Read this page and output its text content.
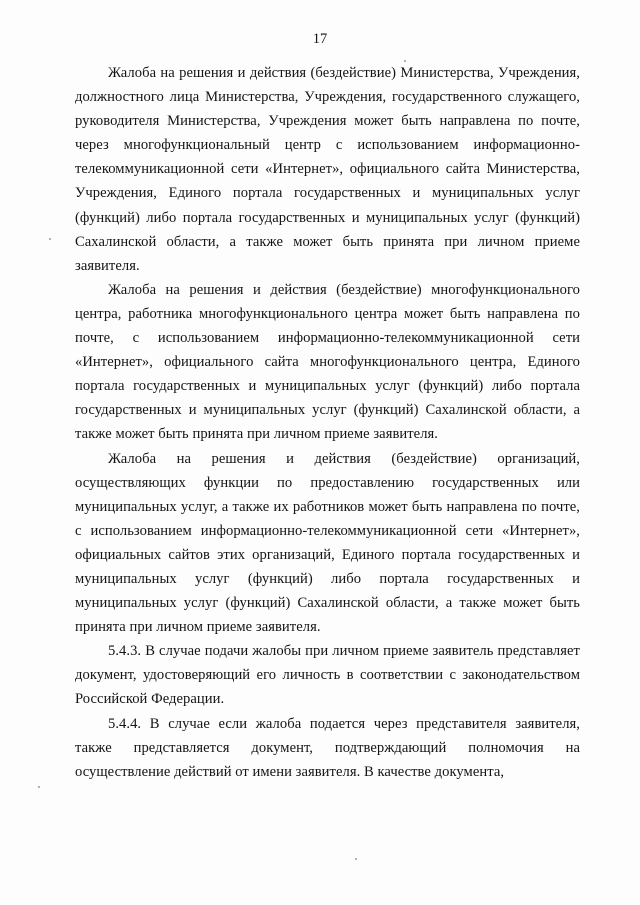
17

Жалоба на решения и действия (бездействие) Министерства, Учреждения, должностного лица Министерства, Учреждения, государственного служащего, руководителя Министерства, Учреждения может быть направлена по почте, через многофункциональный центр с использованием информационно-телекоммуникационной сети «Интернет», официального сайта Министерства, Учреждения, Единого портала государственных и муниципальных услуг (функций) либо портала государственных и муниципальных услуг (функций) Сахалинской области, а также может быть принята при личном приеме заявителя.

Жалоба на решения и действия (бездействие) многофункционального центра, работника многофункционального центра может быть направлена по почте, с использованием информационно-телекоммуникационной сети «Интернет», официального сайта многофункционального центра, Единого портала государственных и муниципальных услуг (функций) либо портала государственных и муниципальных услуг (функций) Сахалинской области, а также может быть принята при личном приеме заявителя.

Жалоба на решения и действия (бездействие) организаций, осуществляющих функции по предоставлению государственных или муниципальных услуг, а также их работников может быть направлена по почте, с использованием информационно-телекоммуникационной сети «Интернет», официальных сайтов этих организаций, Единого портала государственных и муниципальных услуг (функций) либо портала государственных и муниципальных услуг (функций) Сахалинской области, а также может быть принята при личном приеме заявителя.

5.4.3. В случае подачи жалобы при личном приеме заявитель представляет документ, удостоверяющий его личность в соответствии с законодательством Российской Федерации.

5.4.4. В случае если жалоба подается через представителя заявителя, также представляется документ, подтверждающий полномочия на осуществление действий от имени заявителя. В качестве документа,
